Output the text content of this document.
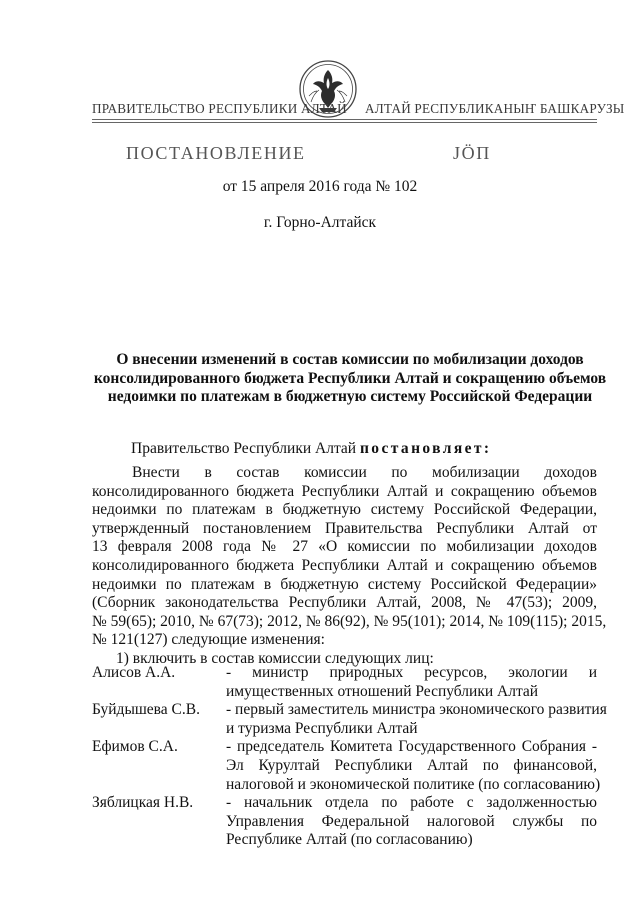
ПРАВИТЕЛЬСТВО РЕСПУБЛИКИ АЛТАЙ АЛТАЙ РЕСПУБЛИКАНЫҤ БАШКАРУЗЫ
ПОСТАНОВЛЕНИЕ	JÖП
от 15 апреля 2016 года № 102
г. Горно-Алтайск
О внесении изменений в состав комиссии по мобилизации доходов
консолидированного бюджета Республики Алтай и сокращению объемов
недоимки по платежам в бюджетную систему Российской Федерации
Правительство Республики Алтай постановляет:
Внести в состав комиссии по мобилизации доходов
консолидированного бюджета Республики Алтай и сокращению объемов
недоимки по платежам в бюджетную систему Российской Федерации,
утвержденный постановлением Правительства Республики Алтай от
13 февраля 2008 года № 27 «О комиссии по мобилизации доходов
консолидированного бюджета Республики Алтай и сокращению объемов
недоимки по платежам в бюджетную систему Российской Федерации»
(Сборник законодательства Республики Алтай, 2008, № 47(53); 2009,
№ 59(65); 2010, № 67(73); 2012, № 86(92), № 95(101); 2014, № 109(115); 2015,
№ 121(127) следующие изменения:
1) включить в состав комиссии следующих лиц:
Алисов А.А.	- министр природных ресурсов, экологии и
имущественных отношений Республики Алтай
Буйдышева С.В.	- первый заместитель министра экономического развития
и туризма Республики Алтай
Ефимов С.А.	- председатель Комитета Государственного Собрания -
Эл Курултай Республики Алтай по финансовой,
налоговой и экономической политике (по согласованию)
Зяблицкая Н.В.	- начальник отдела по работе с задолженностью
Управления Федеральной налоговой службы по
Республике Алтай (по согласованию)
